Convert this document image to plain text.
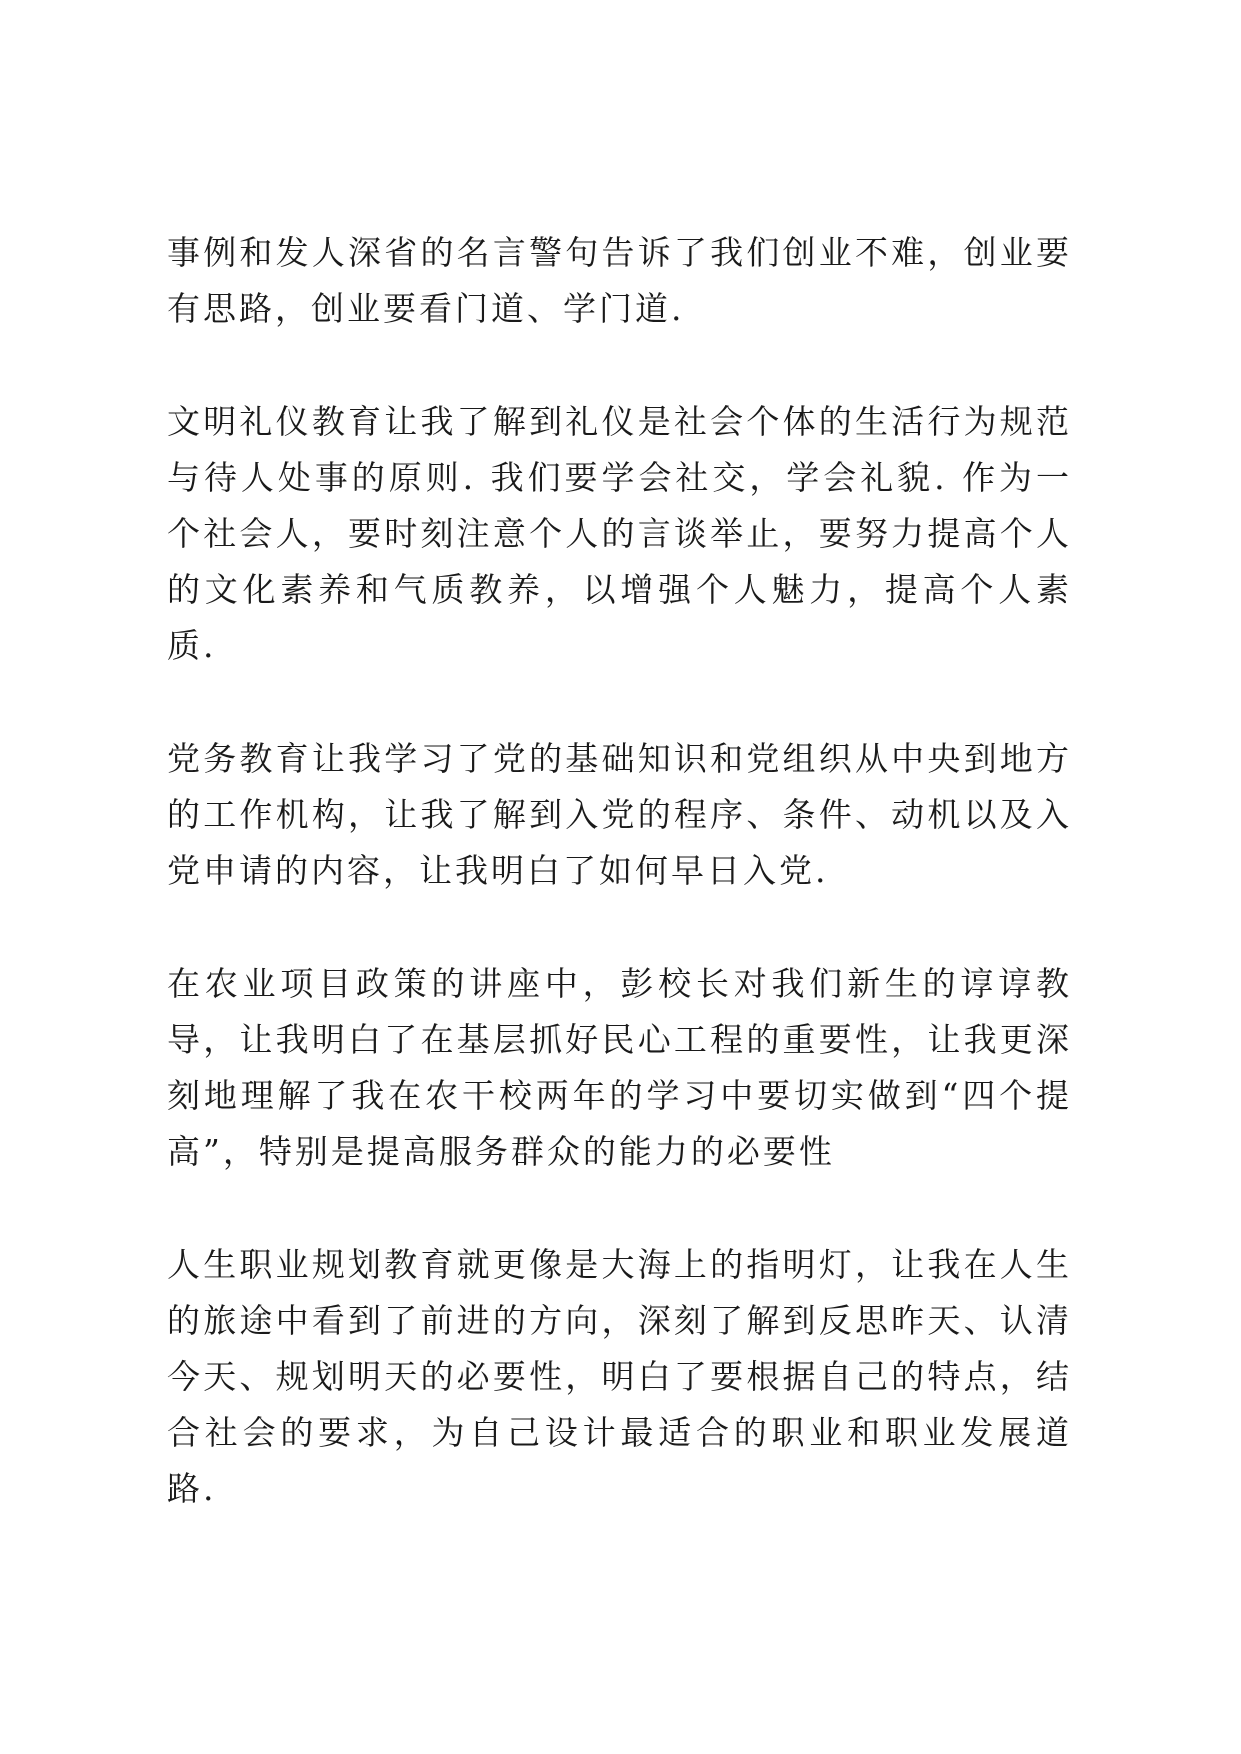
事例和发人深省的名言警句告诉了我们创业不难，创业要有思路，创业要看门道、学门道.

文明礼仪教育让我了解到礼仪是社会个体的生活行为规范与待人处事的原则. 我们要学会社交，学会礼貌. 作为一个社会人，要时刻注意个人的言谈举止，要努力提高个人的文化素养和气质教养，以增强个人魅力，提高个人素质.

党务教育让我学习了党的基础知识和党组织从中央到地方的工作机构，让我了解到入党的程序、条件、动机以及入党申请的内容，让我明白了如何早日入党.

在农业项目政策的讲座中，彭校长对我们新生的谆谆教导，让我明白了在基层抓好民心工程的重要性，让我更深刻地理解了我在农干校两年的学习中要切实做到“四个提高”，特别是提高服务群众的能力的必要性

人生职业规划教育就更像是大海上的指明灯，让我在人生的旅途中看到了前进的方向，深刻了解到反思昨天、认清今天、规划明天的必要性，明白了要根据自己的特点，结合社会的要求，为自己设计最适合的职业和职业发展道路.
